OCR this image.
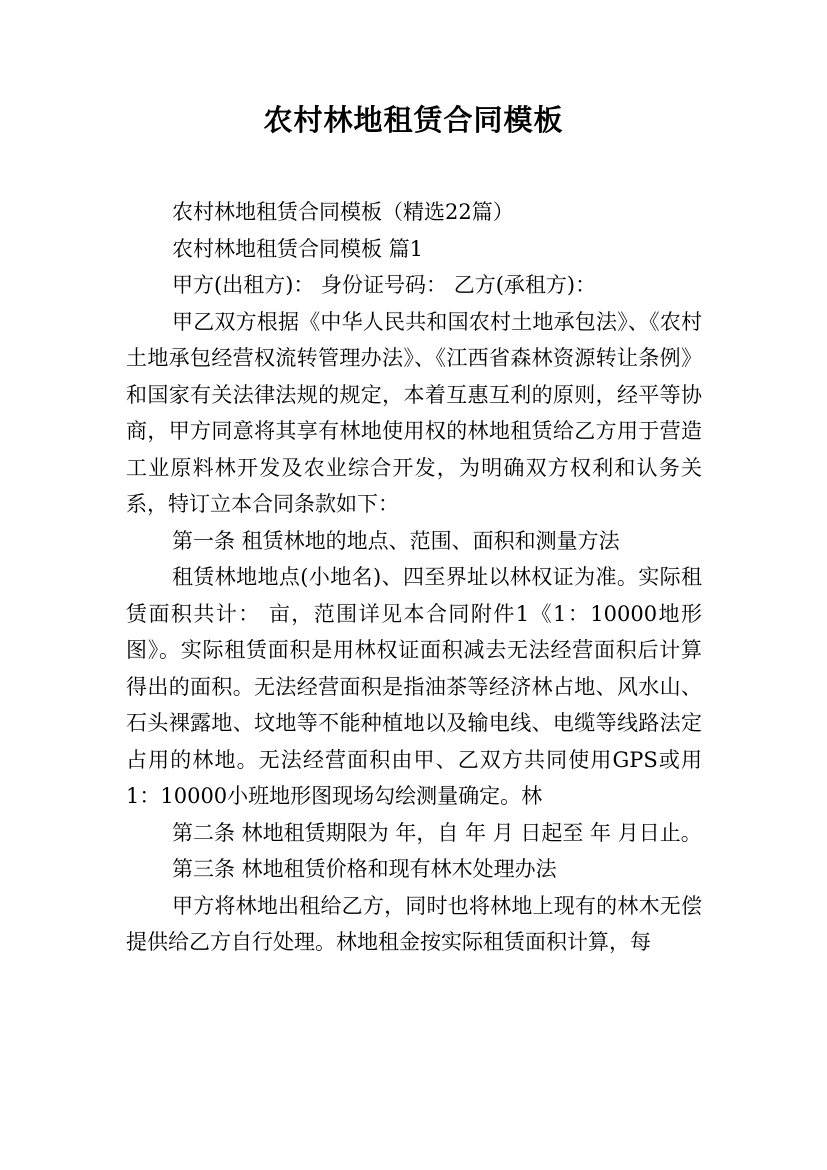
农村林地租赁合同模板

农村林地租赁合同模板（精选22篇）

农村林地租赁合同模板 篇1

甲方(出租方)： 身份证号码： 乙方(承租方)：

甲乙双方根据《中华人民共和国农村土地承包法》、《农村土地承包经营权流转管理办法》、《江西省森林资源转让条例》和国家有关法律法规的规定，本着互惠互利的原则，经平等协商，甲方同意将其享有林地使用权的林地租赁给乙方用于营造工业原料林开发及农业综合开发，为明确双方权利和认务关系，特订立本合同条款如下：

第一条 租赁林地的地点、范围、面积和测量方法

租赁林地地点(小地名)、四至界址以林权证为准。实际租赁面积共计： 亩，范围详见本合同附件1《1：10000地形图》。实际租赁面积是用林权证面积减去无法经营面积后计算得出的面积。无法经营面积是指油茶等经济林占地、风水山、石头裸露地、坟地等不能种植地以及输电线、电缆等线路法定占用的林地。无法经营面积由甲、乙双方共同使用GPS或用1：10000小班地形图现场勾绘测量确定。林

第二条 林地租赁期限为 年，自 年 月 日起至 年 月日止。

第三条 林地租赁价格和现有林木处理办法

甲方将林地出租给乙方，同时也将林地上现有的林木无偿提供给乙方自行处理。林地租金按实际租赁面积计算，每
